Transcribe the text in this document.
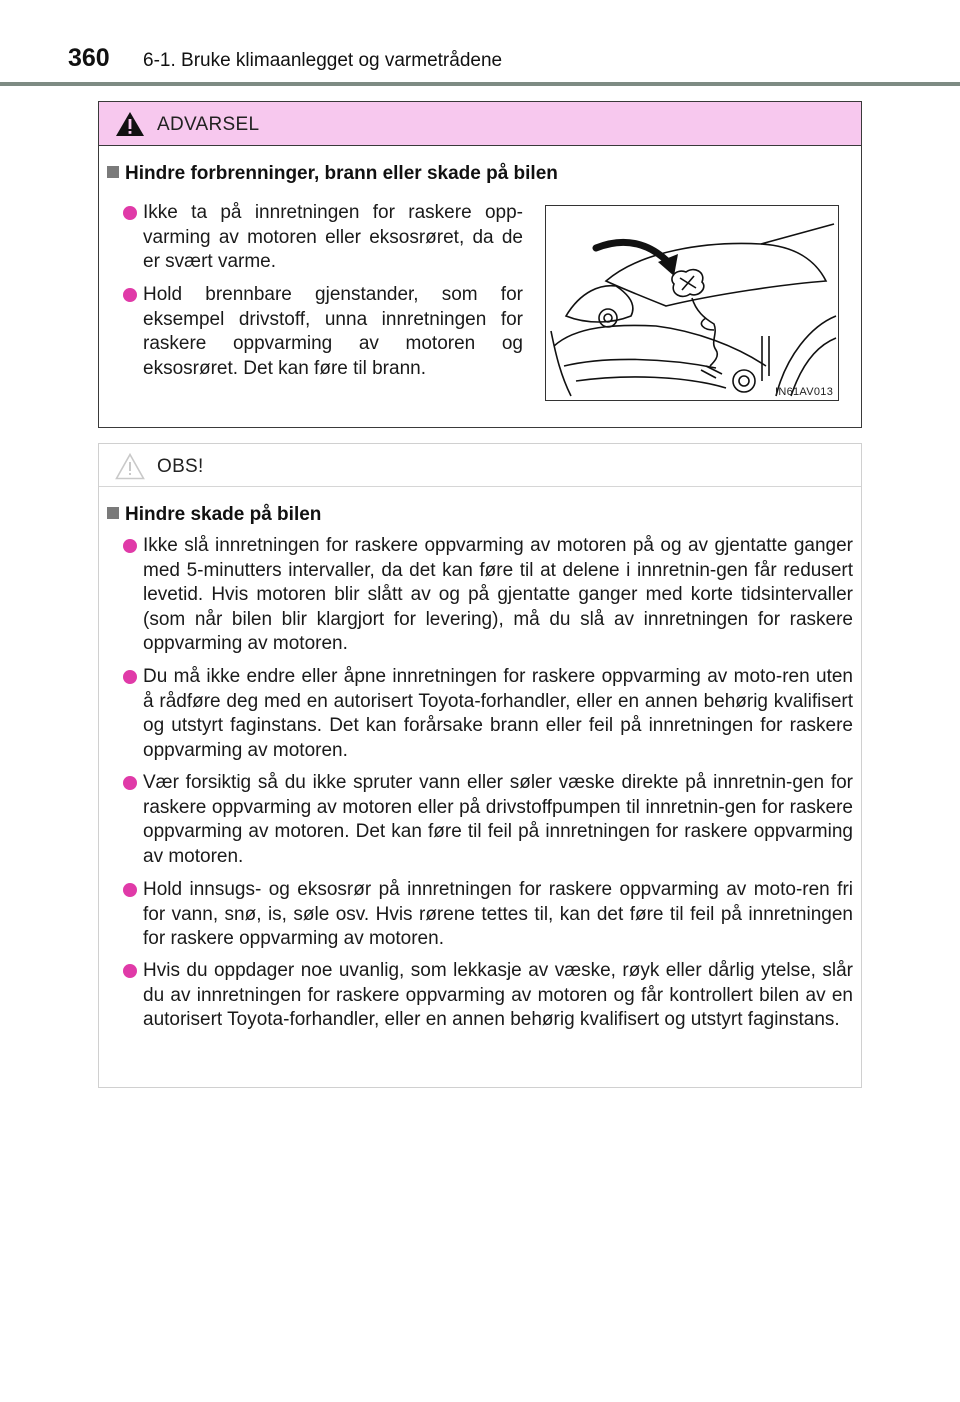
360 6-1. Bruke klimaanlegget og varmetrådene
ADVARSEL
Hindre forbrenninger, brann eller skade på bilen
Ikke ta på innretningen for raskere opp-varming av motoren eller eksosrøret, da de er svært varme.
Hold brennbare gjenstander, som for eksempel drivstoff, unna innretningen for raskere oppvarming av motoren og eksosrøret. Det kan føre til brann.
IN61AV013
OBS!
Hindre skade på bilen
Ikke slå innretningen for raskere oppvarming av motoren på og av gjentatte ganger med 5-minutters intervaller, da det kan føre til at delene i innretnin-gen får redusert levetid. Hvis motoren blir slått av og på gjentatte ganger med korte tidsintervaller (som når bilen blir klargjort for levering), må du slå av innretningen for raskere oppvarming av motoren.
Du må ikke endre eller åpne innretningen for raskere oppvarming av moto-ren uten å rådføre deg med en autorisert Toyota-forhandler, eller en annen behørig kvalifisert og utstyrt faginstans. Det kan forårsake brann eller feil på innretningen for raskere oppvarming av motoren.
Vær forsiktig så du ikke spruter vann eller søler væske direkte på innretnin-gen for raskere oppvarming av motoren eller på drivstoffpumpen til innretnin-gen for raskere oppvarming av motoren. Det kan føre til feil på innretningen for raskere oppvarming av motoren.
Hold innsugs- og eksosrør på innretningen for raskere oppvarming av moto-ren fri for vann, snø, is, søle osv. Hvis rørene tettes til, kan det føre til feil på innretningen for raskere oppvarming av motoren.
Hvis du oppdager noe uvanlig, som lekkasje av væske, røyk eller dårlig ytelse, slår du av innretningen for raskere oppvarming av motoren og får kontrollert bilen av en autorisert Toyota-forhandler, eller en annen behørig kvalifisert og utstyrt faginstans.
